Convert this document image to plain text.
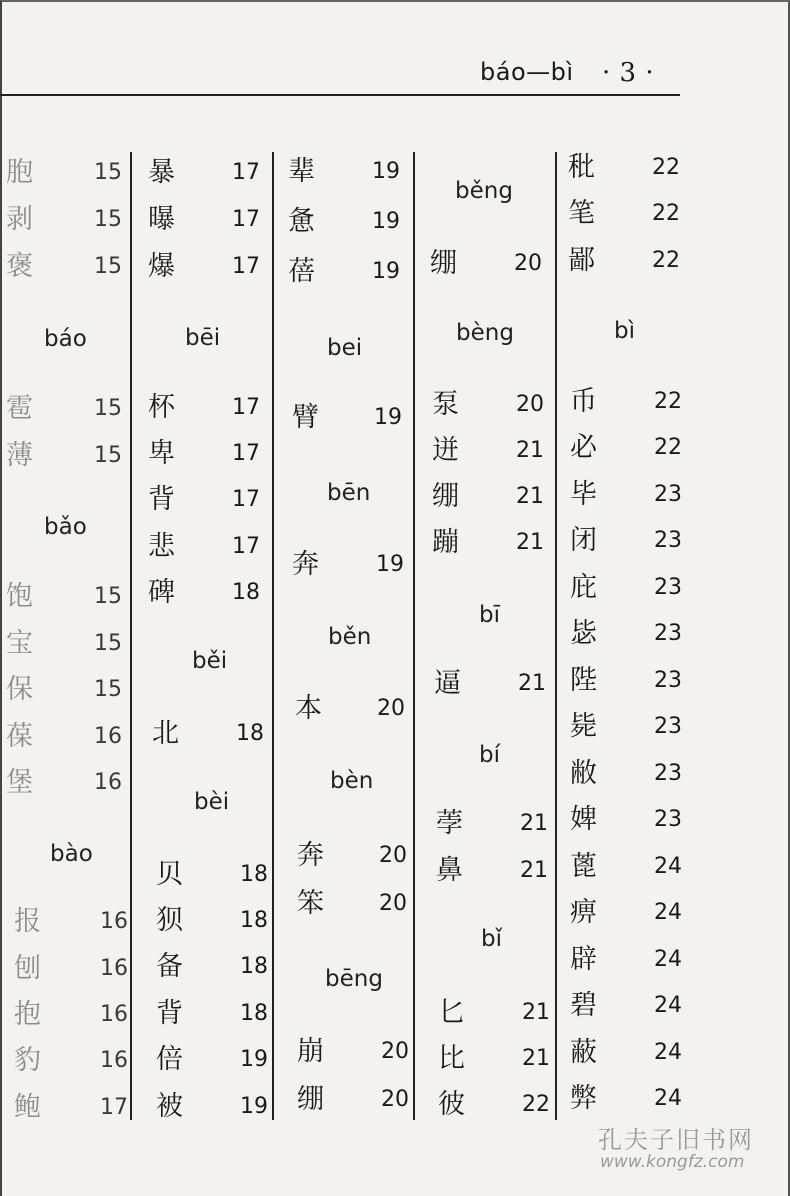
báo—bì · 3 ·
胞	15
剥	15
褒	15
báo
雹	15
薄	15
bǎo
饱	15
宝	15
保	15
葆	16
堡	16
bào
报	16
刨	16
抱	16
豹	16
鲍	17
暴	17
曝	17
爆	17
bēi
杯	17
卑	17
背	17
悲	17
碑	18
běi
北	18
bèi
贝	18
狈	18
备	18
背	18
倍	19
被	19
辈	19
惫	19
蓓	19
bei
臂	19
bēn
奔	19
běn
本	20
bèn
奔	20
笨	20
bēng
崩	20
绷	20
běng
绷	20
bèng
泵	20
迸	21
绷	21
蹦	21
bī
逼	21
bí
荸	21
鼻	21
bǐ
匕	21
比	21
彼	22
秕	22
笔	22
鄙	22
bì
币	22
必	22
毕	23
闭	23
庇	23
毖	23
陛	23
毙	23
敝	23
婢	23
蓖	24
痹	24
辟	24
碧	24
蔽	24
弊	24
孔夫子旧书网
www.kongfz.com
